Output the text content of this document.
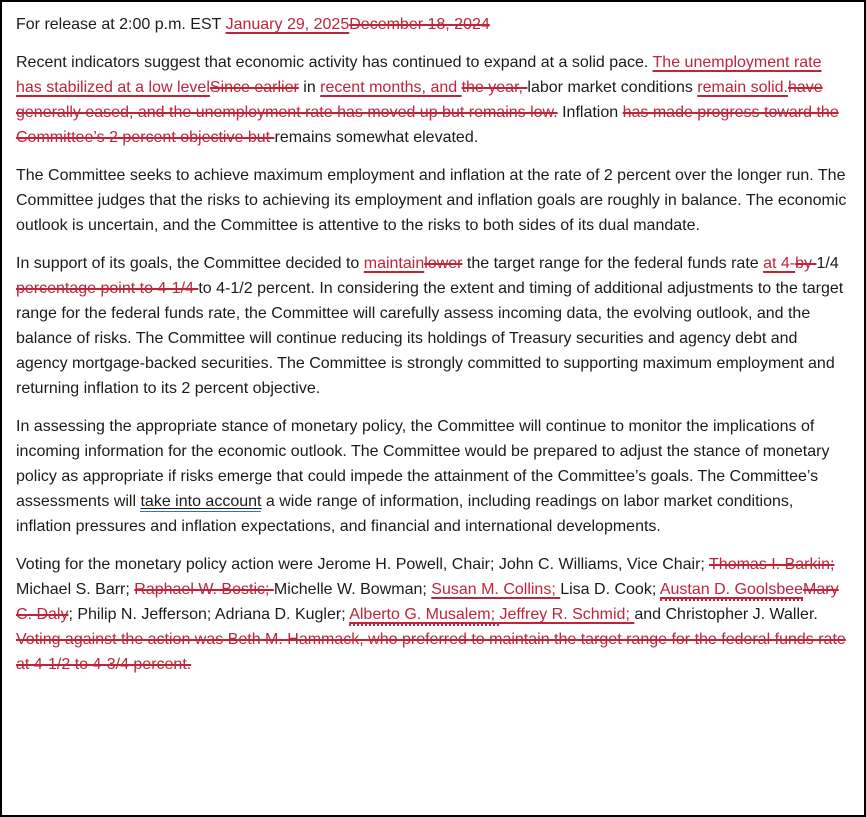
For release at 2:00 p.m. EST January 29, 2025December 18, 2024

Recent indicators suggest that economic activity has continued to expand at a solid pace. The unemployment rate has stabilized at a low levelSince earlier in recent months, and the year, labor market conditions remain solid.have generally eased, and the unemployment rate has moved up but remains low. Inflation has made progress toward the Committee’s 2 percent objective but remains somewhat elevated.

The Committee seeks to achieve maximum employment and inflation at the rate of 2 percent over the longer run. The Committee judges that the risks to achieving its employment and inflation goals are roughly in balance. The economic outlook is uncertain, and the Committee is attentive to the risks to both sides of its dual mandate.

In support of its goals, the Committee decided to maintainlower the target range for the federal funds rate at 4-by 1/4 percentage point to 4-1/4 to 4-1/2 percent. In considering the extent and timing of additional adjustments to the target range for the federal funds rate, the Committee will carefully assess incoming data, the evolving outlook, and the balance of risks. The Committee will continue reducing its holdings of Treasury securities and agency debt and agency mortgage-backed securities. The Committee is strongly committed to supporting maximum employment and returning inflation to its 2 percent objective.

In assessing the appropriate stance of monetary policy, the Committee will continue to monitor the implications of incoming information for the economic outlook. The Committee would be prepared to adjust the stance of monetary policy as appropriate if risks emerge that could impede the attainment of the Committee’s goals. The Committee’s assessments will take into account a wide range of information, including readings on labor market conditions, inflation pressures and inflation expectations, and financial and international developments.

Voting for the monetary policy action were Jerome H. Powell, Chair; John C. Williams, Vice Chair; Thomas I. Barkin; Michael S. Barr; Raphael W. Bostic; Michelle W. Bowman; Susan M. Collins; Lisa D. Cook; Austan D. GoolsbeeMary C. Daly; Philip N. Jefferson; Adriana D. Kugler; Alberto G. Musalem; Jeffrey R. Schmid; and Christopher J. Waller. Voting against the action was Beth M. Hammack, who preferred to maintain the target range for the federal funds rate at 4-1/2 to 4-3/4 percent.
